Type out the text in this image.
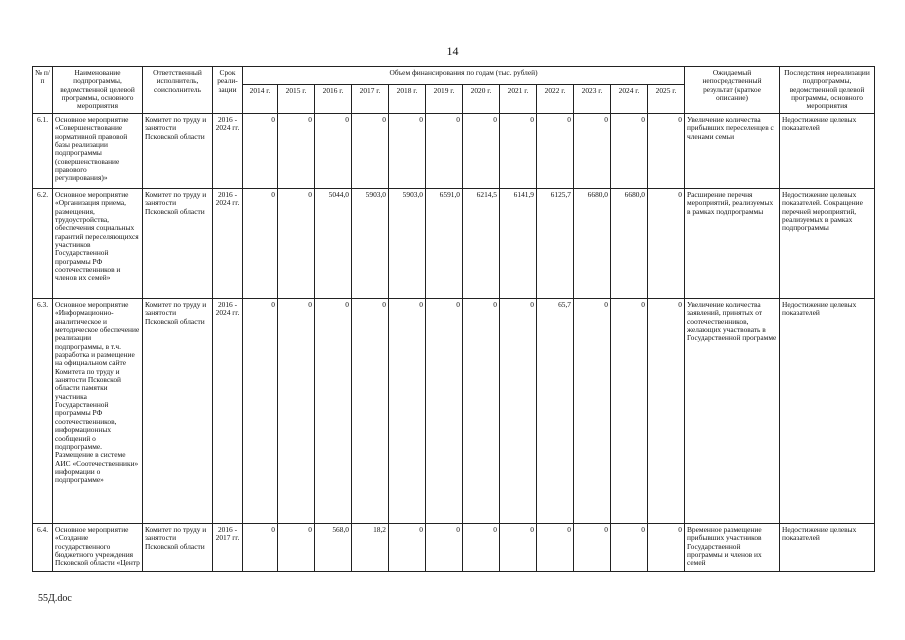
14
№ п/п	Наименование подпрограммы, ведомственной целевой программы, основного мероприятия	Ответственный исполнитель, соисполнитель	Срок реали-зации	Объем финансирования по годам (тыс. рублей)												Ожидаемый непосредственный результат (краткое описание)	Последствия нереализации подпрограммы, ведомственной целевой программы, основного мероприятия
				2014 г.	2015 г.	2016 г.	2017 г.	2018 г.	2019 г.	2020 г.	2021 г.	2022 г.	2023 г.	2024 г.	2025 г.		
6.1.	Основное мероприятие «Совершенствование нормативной правовой базы реализации подпрограммы (совершенствование правового регулирования)»	Комитет по труду и занятости Псковской области	2016 - 2024 гг.	0	0	0	0	0	0	0	0	0	0	0	0	Увеличение количества прибывших переселенцев с членами семьи	Недостижение целевых показателей
6.2.	Основное мероприятие «Организация приема, размещения, трудоустройства, обеспечения социальных гарантий переселяющихся участников Государственной программы РФ соотечественников и членов их семей»	Комитет по труду и занятости Псковской области	2016 - 2024 гг.	0	0	5044,0	5903,0	5903,0	6591,0	6214,5	6141,9	6125,7	6680,0	6680,0	0	Расширение перечня мероприятий, реализуемых в рамках подпрограммы	Недостижение целевых показателей. Сокращение перечней мероприятий, реализуемых в рамках подпрограммы
6.3.	Основное мероприятие «Информационно-аналитическое и методическое обеспечение реализации подпрограммы, в т.ч. разработка и размещение на официальном сайте Комитета по труду и занятости Псковской области памятки участника Государственной программы РФ соотечественников, информационных сообщений о подпрограмме. Размещение в системе АИС «Соотечественники» информации о подпрограмме»	Комитет по труду и занятости Псковской области	2016 - 2024 гг.	0	0	0	0	0	0	0	0	65,7	0	0	0	Увеличение количества заявлений, принятых от соотечественников, желающих участвовать в Государственной программе	Недостижение целевых показателей
6.4.	Основное мероприятие «Создание государственного бюджетного учреждения Псковской области «Центр	Комитет по труду и занятости Псковской области	2016 - 2017 гг.	0	0	568,0	18,2	0	0	0	0	0	0	0	0	Временное размещение прибывших участников Государственной программы и членов их семей	Недостижение целевых показателей
55Д.doc
